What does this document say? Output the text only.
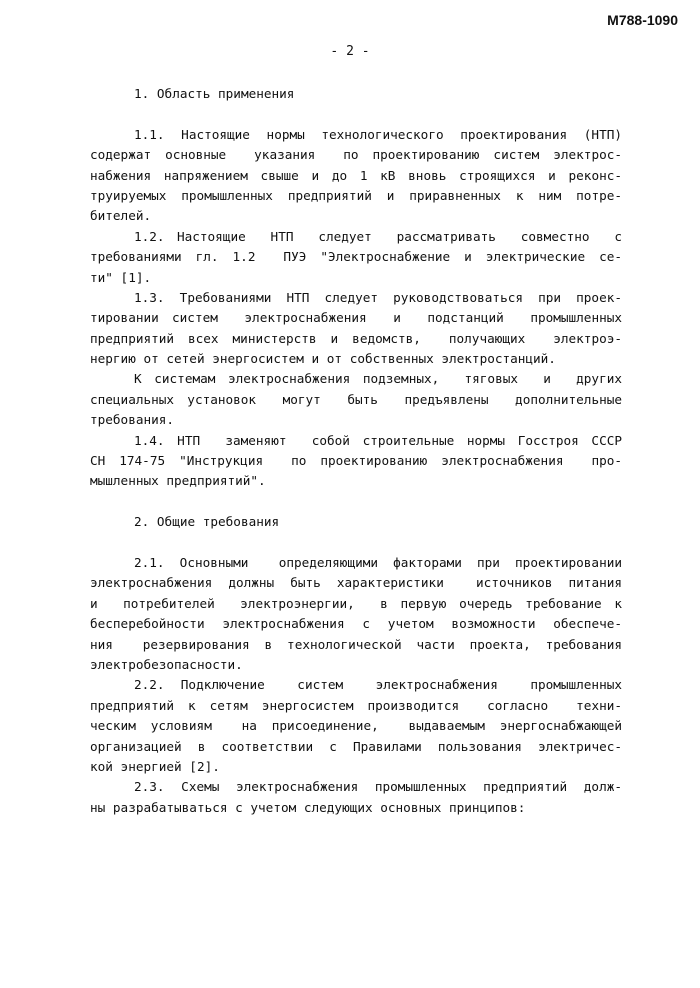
М788-1090
- 2 -
1. Область применения
1.1. Настоящие нормы технологического проектирования (НТП)
содержат основные  указания  по проектированию систем электрос-
набжения напряжением свыше и до 1 кВ вновь строящихся и реконс-
труируемых промышленных предприятий и приравненных к ним потре-
бителей.
1.2. Настоящие  НТП  следует  рассматривать  совместно  с
требованиями гл. 1.2  ПУЭ "Электроснабжение и электрические се-
ти" [1].
1.3. Требованиями НТП следует руководствоваться при проек-
тировании систем  электроснабжения  и  подстанций  промышленных
предприятий всех министерств и ведомств,  получающих  электроэ-
нергию от сетей энергосистем и от собственных электростанций.
К системам электроснабжения подземных,  тяговых  и  других
специальных установок  могут  быть  предъявлены  дополнительные
требования.
1.4. НТП  заменяют  собой строительные нормы Госстроя СССР
СН 174-75 "Инструкция  по проектированию электроснабжения  про-
мышленных предприятий".
2. Общие требования
2.1. Основными  определяющими факторами при проектировании
электроснабжения должны быть характеристики  источников питания
и  потребителей  электроэнергии,  в первую очередь требование к
бесперебойности электроснабжения с учетом возможности обеспече-
ния  резервирования в технологической части проекта, требования
электробезопасности.
2.2. Подключение  систем  электроснабжения  промышленных
предприятий к сетям энергосистем производится  согласно  техни-
ческим условиям  на присоединение,  выдаваемым энергоснабжающей
организацией в соответствии с Правилами пользования электричес-
кой энергией [2].
2.3. Схемы электроснабжения промышленных предприятий долж-
ны разрабатываться с учетом следующих основных принципов:
